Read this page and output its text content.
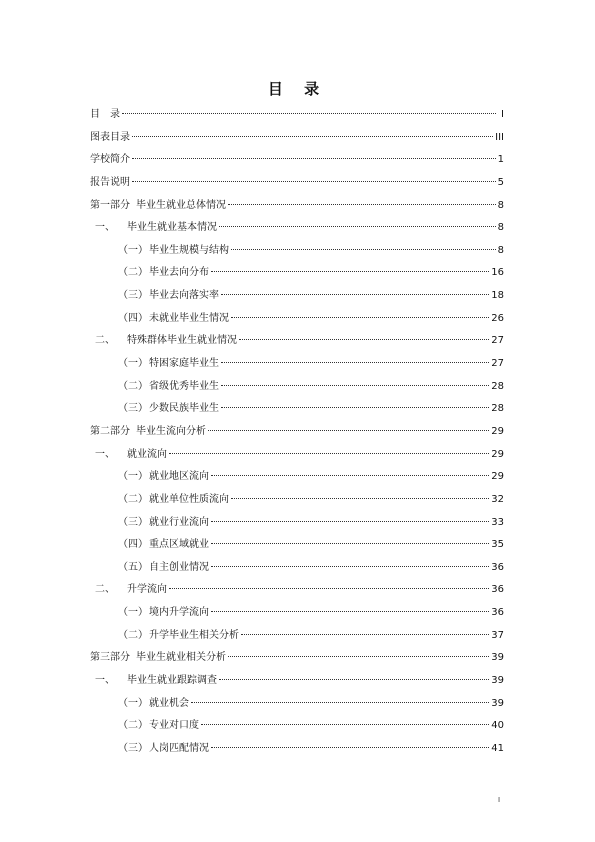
目 录
目　录	I
图表目录	III
学校简介	1
报告说明	5
第一部分 毕业生就业总体情况	8
一、	毕业生就业基本情况	8
（一） 毕业生规模与结构	8
（二） 毕业去向分布	16
（三） 毕业去向落实率	18
（四） 未就业毕业生情况	26
二、	特殊群体毕业生就业情况	27
（一） 特困家庭毕业生	27
（二） 省级优秀毕业生	28
（三） 少数民族毕业生	28
第二部分 毕业生流向分析	29
一、	就业流向	29
（一） 就业地区流向	29
（二） 就业单位性质流向	32
（三） 就业行业流向	33
（四） 重点区域就业	35
（五） 自主创业情况	36
二、	升学流向	36
（一） 境内升学流向	36
（二） 升学毕业生相关分析	37
第三部分 毕业生就业相关分析	39
一、	毕业生就业跟踪调查	39
（一） 就业机会	39
（二） 专业对口度	40
（三） 人岗匹配情况	41
I
